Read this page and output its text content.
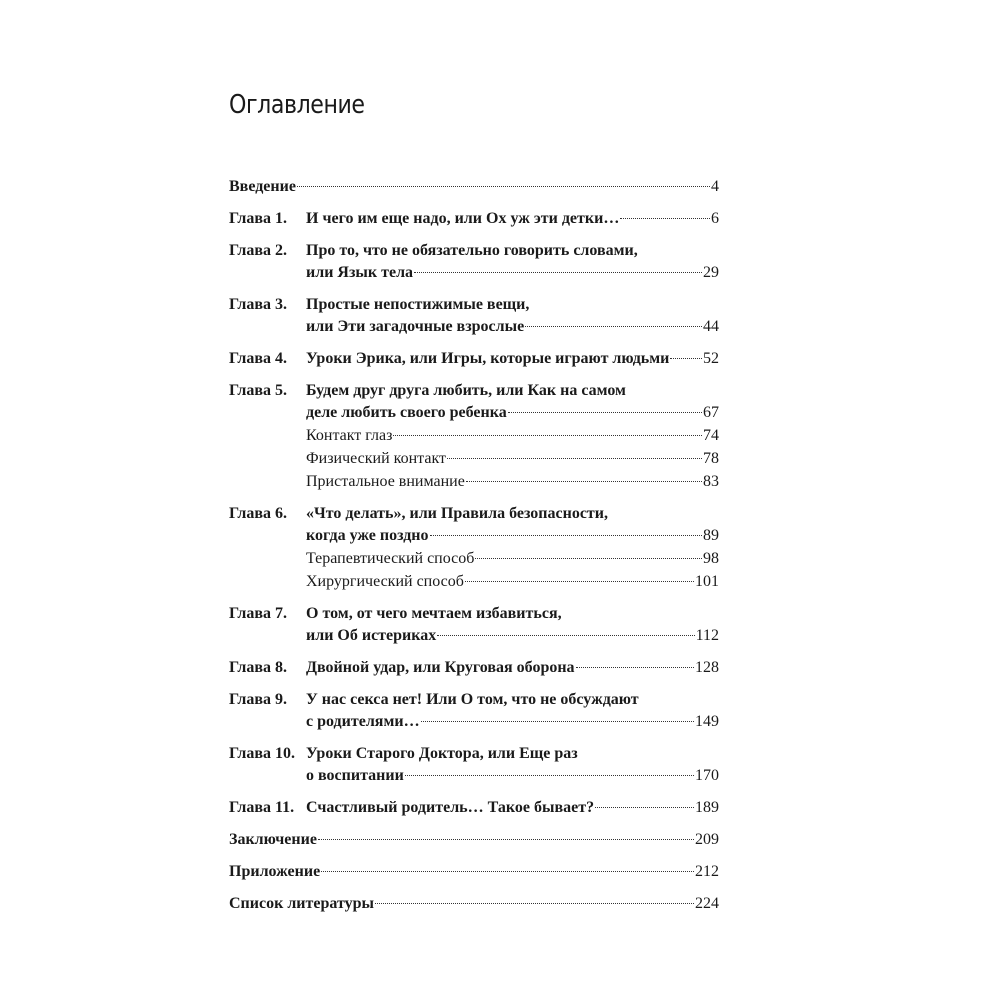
Оглавление
Введение	4
Глава 1. И чего им еще надо, или Ох уж эти детки…	6
Глава 2. Про то, что не обязательно говорить словами,
или Язык тела	29
Глава 3. Простые непостижимые вещи,
или Эти загадочные взрослые	44
Глава 4. Уроки Эрика, или Игры, которые играют людьми 52
Глава 5. Будем друг друга любить, или Как на самом
деле любить своего ребенка	67
Контакт глаз	74
Физический контакт	78
Пристальное внимание	83
Глава 6. «Что делать», или Правила безопасности,
когда уже поздно	89
Терапевтический способ	98
Хирургический способ	101
Глава 7. О том, от чего мечтаем избавиться,
или Об истериках	112
Глава 8. Двойной удар, или Круговая оборона	128
Глава 9. У нас секса нет! Или О том, что не обсуждают
с родителями…	149
Глава 10. Уроки Старого Доктора, или Еще раз
о воспитании	170
Глава 11. Счастливый родитель… Такое бывает?	189
Заключение	209
Приложение	212
Список литературы	224
